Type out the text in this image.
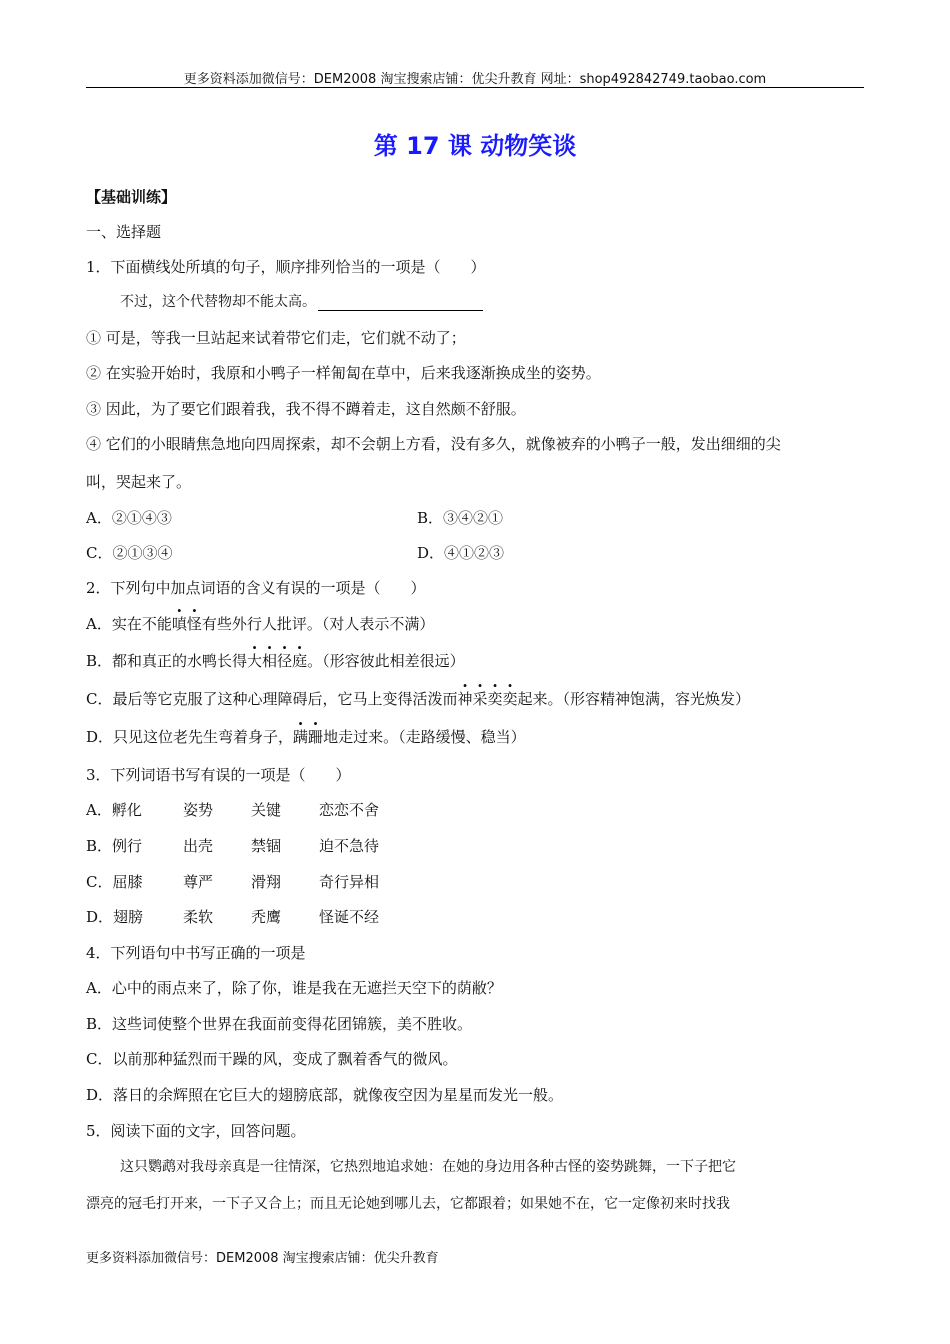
更多资料添加微信号：DEM2008 淘宝搜索店铺：优尖升教育 网址：shop492842749.taobao.com
第 17 课 动物笑谈
【基础训练】
一、选择题
1．下面横线处所填的句子，顺序排列恰当的一项是（　　）
不过，这个代替物却不能太高。
① 可是，等我一旦站起来试着带它们走，它们就不动了；
② 在实验开始时，我原和小鸭子一样匍匐在草中，后来我逐渐换成坐的姿势。
③ 因此，为了要它们跟着我，我不得不蹲着走，这自然颇不舒服。
④ 它们的小眼睛焦急地向四周探索，却不会朝上方看，没有多久，就像被弃的小鸭子一般，发出细细的尖
叫，哭起来了。
A．②①④③	B．③④②①
C．②①③④	D．④①②③
2．下列句中加点词语的含义有误的一项是（　　）
A．实在不能嗔怪有些外行人批评。（对人表示不满）
B．都和真正的水鸭长得大相径庭。（形容彼此相差很远）
C．最后等它克服了这种心理障碍后，它马上变得活泼而神采奕奕起来。（形容精神饱满，容光焕发）
D．只见这位老先生弯着身子，蹒跚地走过来。（走路缓慢、稳当）
3．下列词语书写有误的一项是（　　）
A．孵化	姿势	关键	恋恋不舍
B．例行	出壳	禁锢	迫不急待
C．屈膝	尊严	滑翔	奇行异相
D．翅膀	柔软	秃鹰	怪诞不经
4．下列语句中书写正确的一项是
A．心中的雨点来了，除了你，谁是我在无遮拦天空下的荫敝？
B．这些词使整个世界在我面前变得花团锦簇，美不胜收。
C．以前那种猛烈而干躁的风，变成了飘着香气的微风。
D．落日的余辉照在它巨大的翅膀底部，就像夜空因为星星而发光一般。
5．阅读下面的文字，回答问题。
这只鹦鹉对我母亲真是一往情深，它热烈地追求她：在她的身边用各种古怪的姿势跳舞，一下子把它
漂亮的冠毛打开来，一下子又合上；而且无论她到哪儿去，它都跟着；如果她不在，它一定像初来时找我
更多资料添加微信号：DEM2008 淘宝搜索店铺：优尖升教育
